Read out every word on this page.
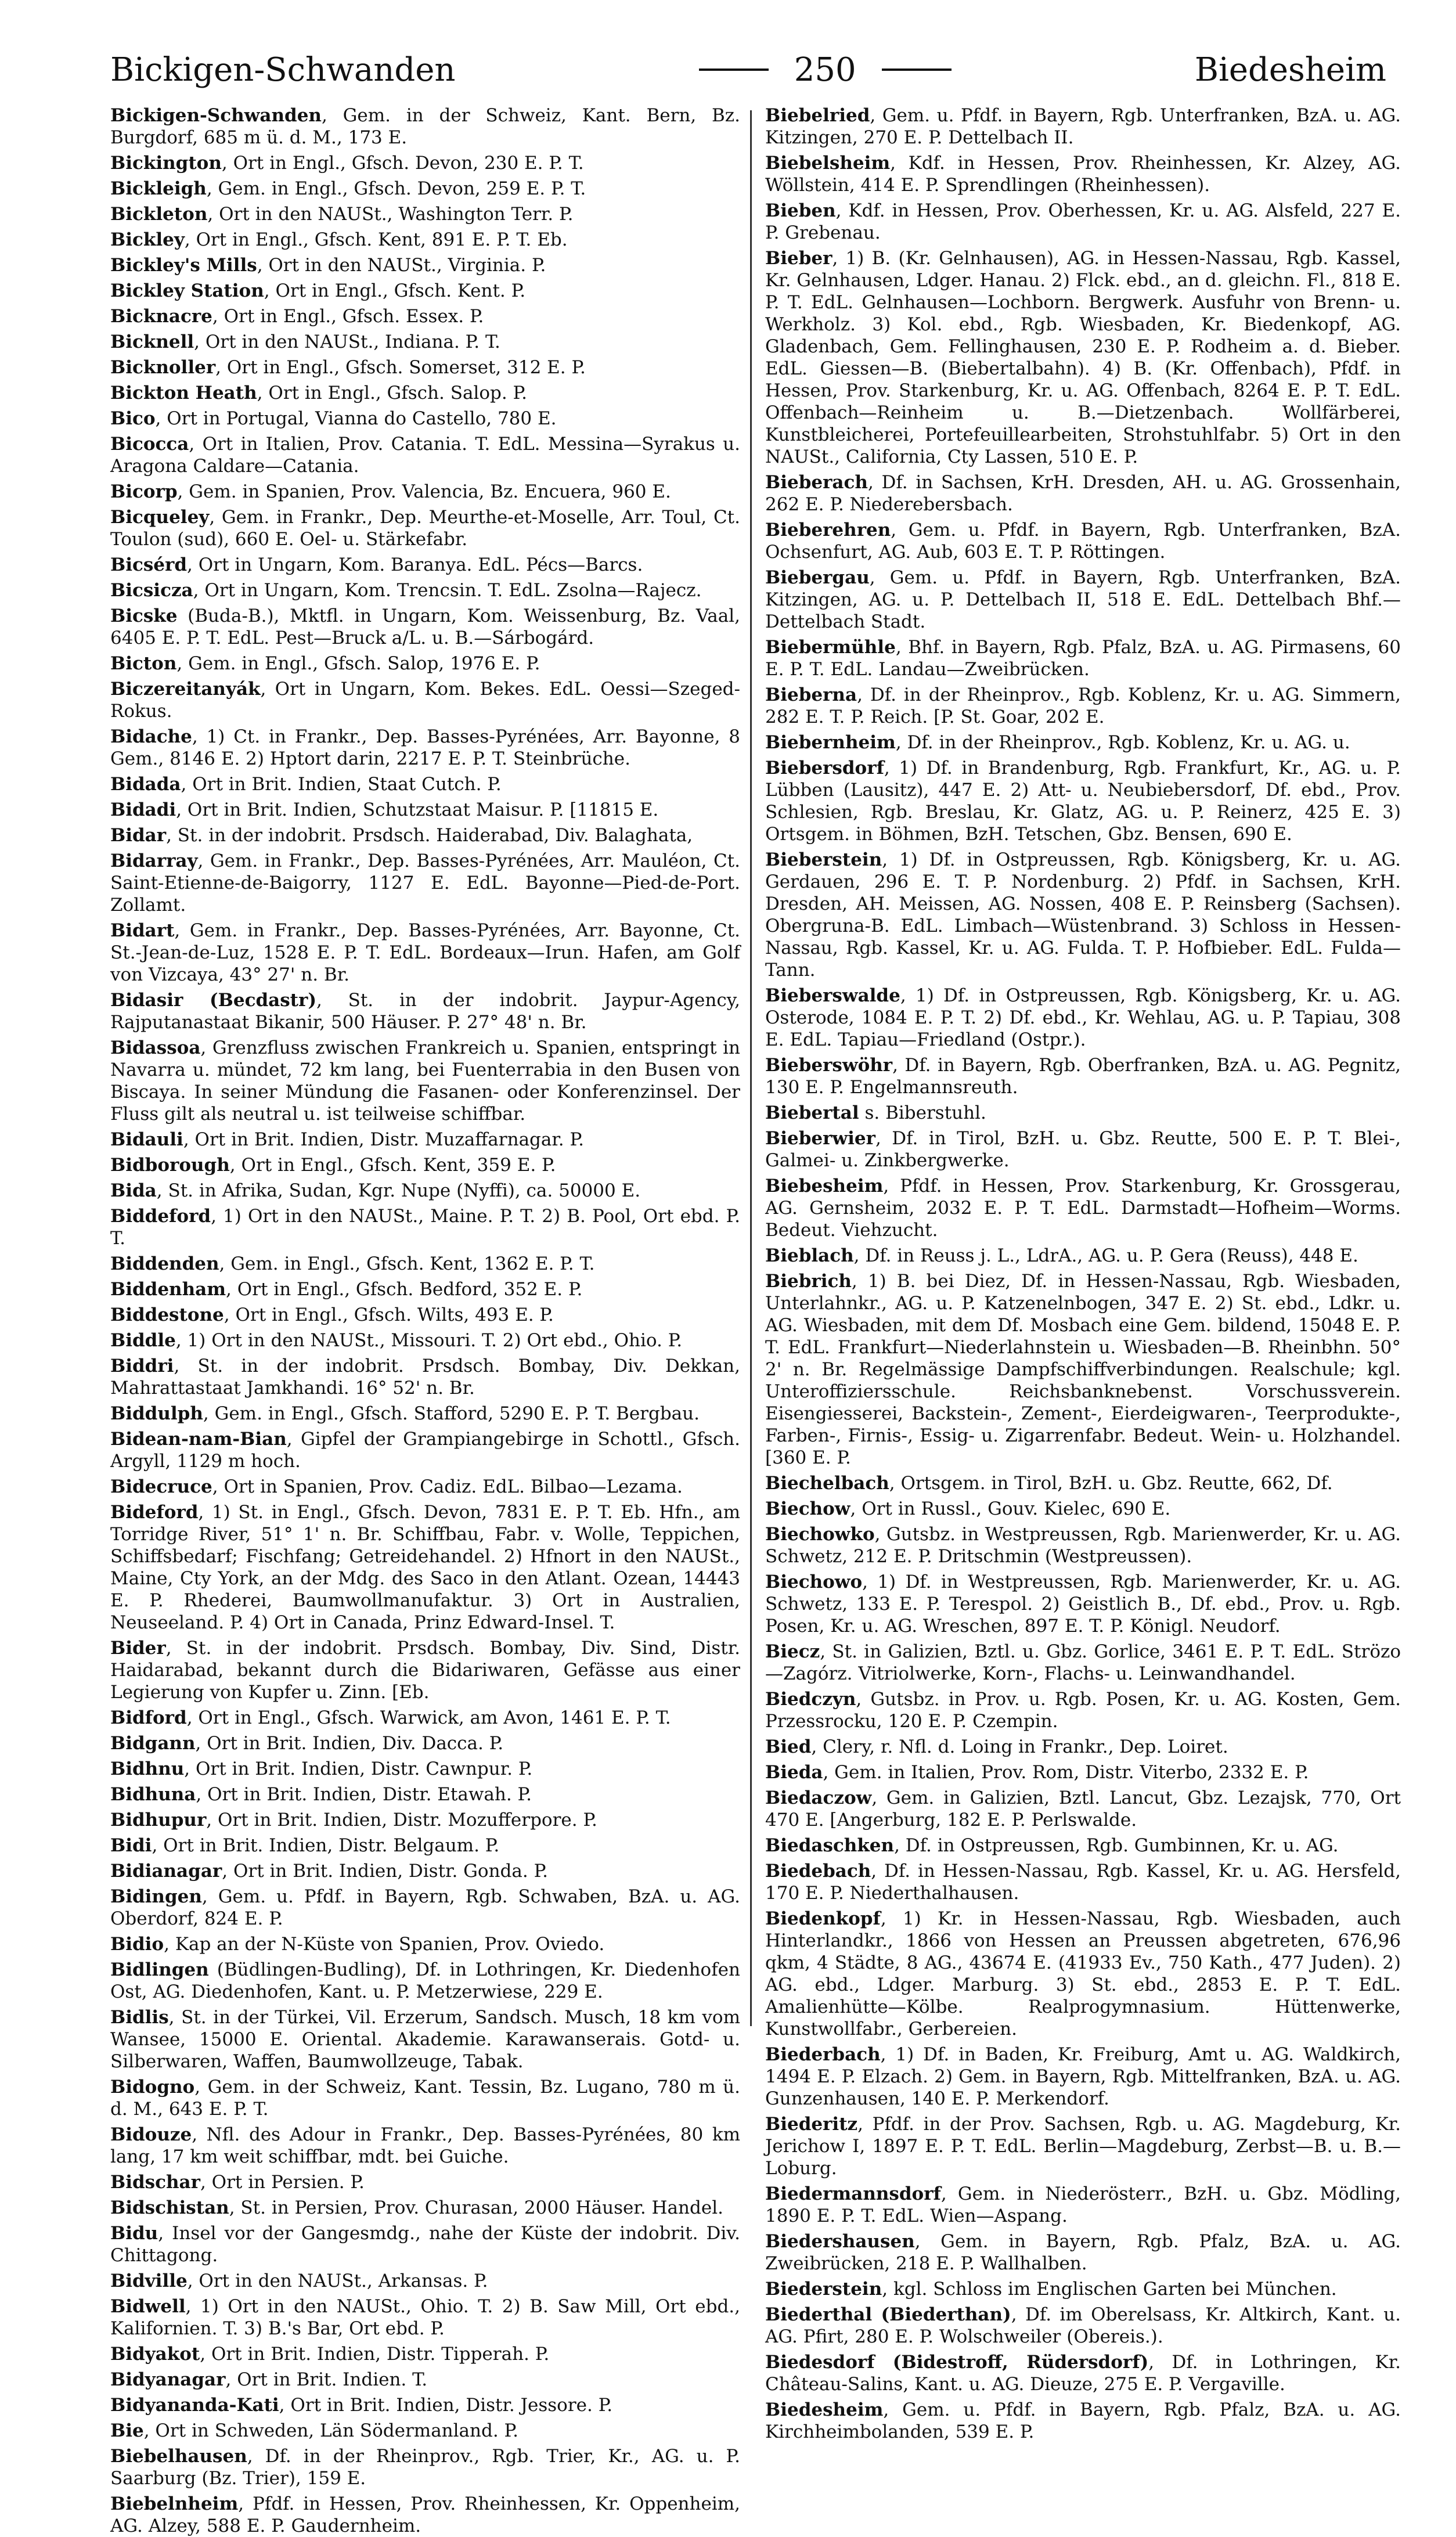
Bickigen-Schwanden	250	Biedesheim

Bickigen-Schwanden, Gem. in der Schweiz, Kant. Bern, Bz. Burgdorf, 685 m ü. d. M., 173 E.

Bickington, Ort in Engl., Gfsch. Devon, 230 E. P. T.

Bickleigh, Gem. in Engl., Gfsch. Devon, 259 E. P. T.

Bickleton, Ort in den NAUSt., Washington Terr. P.

Bickley, Ort in Engl., Gfsch. Kent, 891 E. P. T. Eb.

Bickley's Mills, Ort in den NAUSt., Virginia. P.

Bickley Station, Ort in Engl., Gfsch. Kent. P.

Bicknacre, Ort in Engl., Gfsch. Essex. P.

Bicknell, Ort in den NAUSt., Indiana. P. T.

Bicknoller, Ort in Engl., Gfsch. Somerset, 312 E. P.

Bickton Heath, Ort in Engl., Gfsch. Salop. P.

Bico, Ort in Portugal, Vianna do Castello, 780 E.

Bicocca, Ort in Italien, Prov. Catania. T. EdL. Messina—Syrakus u. Aragona Caldare—Catania.

Bicorp, Gem. in Spanien, Prov. Valencia, Bz. Encuera, 960 E.

Bicqueley, Gem. in Frankr., Dep. Meurthe-et-Moselle, Arr. Toul, Ct. Toulon (sud), 660 E. Oel- u. Stärkefabr.

Bicsérd, Ort in Ungarn, Kom. Baranya. EdL. Pécs—Barcs.

Bicsicza, Ort in Ungarn, Kom. Trencsin. T. EdL. Zsolna—Rajecz.

Bicske (Buda-B.), Mktfl. in Ungarn, Kom. Weissenburg, Bz. Vaal, 6405 E. P. T. EdL. Pest—Bruck a/L. u. B.—Sárbogárd.

Bicton, Gem. in Engl., Gfsch. Salop, 1976 E. P.

Biczereitanyák, Ort in Ungarn, Kom. Bekes. EdL. Oessi—Szeged-Rokus.

Bidache, 1) Ct. in Frankr., Dep. Basses-Pyrénées, Arr. Bayonne, 8 Gem., 8146 E. 2) Hptort darin, 2217 E. P. T. Steinbrüche.

Bidada, Ort in Brit. Indien, Staat Cutch. P.

Bidadi, Ort in Brit. Indien, Schutzstaat Maisur. P. [11815 E.

Bidar, St. in der indobrit. Prsdsch. Haiderabad, Div. Balaghata,

Bidarray, Gem. in Frankr., Dep. Basses-Pyrénées, Arr. Mauléon, Ct. Saint-Etienne-de-Baigorry, 1127 E. EdL. Bayonne—Pied-de-Port. Zollamt.

Bidart, Gem. in Frankr., Dep. Basses-Pyrénées, Arr. Bayonne, Ct. St.-Jean-de-Luz, 1528 E. P. T. EdL. Bordeaux—Irun. Hafen, am Golf von Vizcaya, 43° 27' n. Br.

Bidasir (Becdastr), St. in der indobrit. Jaypur-Agency, Rajputanastaat Bikanir, 500 Häuser. P. 27° 48' n. Br.

Bidassoa, Grenzfluss zwischen Frankreich u. Spanien, entspringt in Navarra u. mündet, 72 km lang, bei Fuenterrabia in den Busen von Biscaya. In seiner Mündung die Fasanen- oder Konferenzinsel. Der Fluss gilt als neutral u. ist teilweise schiffbar.

Bidauli, Ort in Brit. Indien, Distr. Muzaffarnagar. P.

Bidborough, Ort in Engl., Gfsch. Kent, 359 E. P.

Bida, St. in Afrika, Sudan, Kgr. Nupe (Nyffi), ca. 50000 E.

Biddeford, 1) Ort in den NAUSt., Maine. P. T. 2) B. Pool, Ort ebd. P. T.

Biddenden, Gem. in Engl., Gfsch. Kent, 1362 E. P. T.

Biddenham, Ort in Engl., Gfsch. Bedford, 352 E. P.

Biddestone, Ort in Engl., Gfsch. Wilts, 493 E. P.

Biddle, 1) Ort in den NAUSt., Missouri. T. 2) Ort ebd., Ohio. P.

Biddri, St. in der indobrit. Prsdsch. Bombay, Div. Dekkan, Mahrattastaat Jamkhandi. 16° 52' n. Br.

Biddulph, Gem. in Engl., Gfsch. Stafford, 5290 E. P. T. Bergbau.

Bidean-nam-Bian, Gipfel der Grampiangebirge in Schottl., Gfsch. Argyll, 1129 m hoch.

Bidecruce, Ort in Spanien, Prov. Cadiz. EdL. Bilbao—Lezama.

Bideford, 1) St. in Engl., Gfsch. Devon, 7831 E. P. T. Eb. Hfn., am Torridge River, 51° 1' n. Br. Schiffbau, Fabr. v. Wolle, Teppichen, Schiffsbedarf; Fischfang; Getreidehandel. 2) Hfnort in den NAUSt., Maine, Cty York, an der Mdg. des Saco in den Atlant. Ozean, 14443 E. P. Rhederei, Baumwollmanufaktur. 3) Ort in Australien, Neuseeland. P. 4) Ort in Canada, Prinz Edward-Insel. T.

Bider, St. in der indobrit. Prsdsch. Bombay, Div. Sind, Distr. Haidarabad, bekannt durch die Bidariwaren, Gefässe aus einer Legierung von Kupfer u. Zinn. [Eb.

Bidford, Ort in Engl., Gfsch. Warwick, am Avon, 1461 E. P. T.

Bidgann, Ort in Brit. Indien, Div. Dacca. P.

Bidhnu, Ort in Brit. Indien, Distr. Cawnpur. P.

Bidhuna, Ort in Brit. Indien, Distr. Etawah. P.

Bidhupur, Ort in Brit. Indien, Distr. Mozufferpore. P.

Bidi, Ort in Brit. Indien, Distr. Belgaum. P.

Bidianagar, Ort in Brit. Indien, Distr. Gonda. P.

Bidingen, Gem. u. Pfdf. in Bayern, Rgb. Schwaben, BzA. u. AG. Oberdorf, 824 E. P.

Bidio, Kap an der N-Küste von Spanien, Prov. Oviedo.

Bidlingen (Büdlingen-Budling), Df. in Lothringen, Kr. Diedenhofen Ost, AG. Diedenhofen, Kant. u. P. Metzerwiese, 229 E.

Bidlis, St. in der Türkei, Vil. Erzerum, Sandsch. Musch, 18 km vom Wansee, 15000 E. Oriental. Akademie. Karawanserais. Gotd- u. Silberwaren, Waffen, Baumwollzeuge, Tabak.

Bidogno, Gem. in der Schweiz, Kant. Tessin, Bz. Lugano, 780 m ü. d. M., 643 E. P. T.

Bidouze, Nfl. des Adour in Frankr., Dep. Basses-Pyrénées, 80 km lang, 17 km weit schiffbar, mdt. bei Guiche.

Bidschar, Ort in Persien. P.

Bidschistan, St. in Persien, Prov. Churasan, 2000 Häuser. Handel.

Bidu, Insel vor der Gangesmdg., nahe der Küste der indobrit. Div. Chittagong.

Bidville, Ort in den NAUSt., Arkansas. P.

Bidwell, 1) Ort in den NAUSt., Ohio. T. 2) B. Saw Mill, Ort ebd., Kalifornien. T. 3) B.'s Bar, Ort ebd. P.

Bidyakot, Ort in Brit. Indien, Distr. Tipperah. P.

Bidyanagar, Ort in Brit. Indien. T.

Bidyananda-Kati, Ort in Brit. Indien, Distr. Jessore. P.

Bie, Ort in Schweden, Län Södermanland. P.

Biebelhausen, Df. in der Rheinprov., Rgb. Trier, Kr., AG. u. P. Saarburg (Bz. Trier), 159 E.

Biebelnheim, Pfdf. in Hessen, Prov. Rheinhessen, Kr. Oppenheim, AG. Alzey, 588 E. P. Gaudernheim.

Biebelried, Gem. u. Pfdf. in Bayern, Rgb. Unterfranken, BzA. u. AG. Kitzingen, 270 E. P. Dettelbach II.

Biebelsheim, Kdf. in Hessen, Prov. Rheinhessen, Kr. Alzey, AG. Wöllstein, 414 E. P. Sprendlingen (Rheinhessen).

Bieben, Kdf. in Hessen, Prov. Oberhessen, Kr. u. AG. Alsfeld, 227 E. P. Grebenau.

Bieber, 1) B. (Kr. Gelnhausen), AG. in Hessen-Nassau, Rgb. Kassel, Kr. Gelnhausen, Ldger. Hanau. 2) Flck. ebd., an d. gleichn. Fl., 818 E. P. T. EdL. Gelnhausen—Lochborn. Bergwerk. Ausfuhr von Brenn- u. Werkholz. 3) Kol. ebd., Rgb. Wiesbaden, Kr. Biedenkopf, AG. Gladenbach, Gem. Fellinghausen, 230 E. P. Rodheim a. d. Bieber. EdL. Giessen—B. (Biebertalbahn). 4) B. (Kr. Offenbach), Pfdf. in Hessen, Prov. Starkenburg, Kr. u. AG. Offenbach, 8264 E. P. T. EdL. Offenbach—Reinheim u. B.—Dietzenbach. Wollfärberei, Kunstbleicherei, Portefeuillearbeiten, Strohstuhlfabr. 5) Ort in den NAUSt., California, Cty Lassen, 510 E. P.

Bieberach, Df. in Sachsen, KrH. Dresden, AH. u. AG. Grossenhain, 262 E. P. Niederebersbach.

Bieberehren, Gem. u. Pfdf. in Bayern, Rgb. Unterfranken, BzA. Ochsenfurt, AG. Aub, 603 E. T. P. Röttingen.

Biebergau, Gem. u. Pfdf. in Bayern, Rgb. Unterfranken, BzA. Kitzingen, AG. u. P. Dettelbach II, 518 E. EdL. Dettelbach Bhf.—Dettelbach Stadt.

Biebermühle, Bhf. in Bayern, Rgb. Pfalz, BzA. u. AG. Pirmasens, 60 E. P. T. EdL. Landau—Zweibrücken.

Bieberna, Df. in der Rheinprov., Rgb. Koblenz, Kr. u. AG. Simmern, 282 E. T. P. Reich. [P. St. Goar, 202 E.

Biebernheim, Df. in der Rheinprov., Rgb. Koblenz, Kr. u. AG. u.

Biebersdorf, 1) Df. in Brandenburg, Rgb. Frankfurt, Kr., AG. u. P. Lübben (Lausitz), 447 E. 2) Att- u. Neubiebersdorf, Df. ebd., Prov. Schlesien, Rgb. Breslau, Kr. Glatz, AG. u. P. Reinerz, 425 E. 3) Ortsgem. in Böhmen, BzH. Tetschen, Gbz. Bensen, 690 E.

Bieberstein, 1) Df. in Ostpreussen, Rgb. Königsberg, Kr. u. AG. Gerdauen, 296 E. T. P. Nordenburg. 2) Pfdf. in Sachsen, KrH. Dresden, AH. Meissen, AG. Nossen, 408 E. P. Reinsberg (Sachsen). Obergruna-B. EdL. Limbach—Wüstenbrand. 3) Schloss in Hessen-Nassau, Rgb. Kassel, Kr. u. AG. Fulda. T. P. Hofbieber. EdL. Fulda—Tann.

Bieberswalde, 1) Df. in Ostpreussen, Rgb. Königsberg, Kr. u. AG. Osterode, 1084 E. P. T. 2) Df. ebd., Kr. Wehlau, AG. u. P. Tapiau, 308 E. EdL. Tapiau—Friedland (Ostpr.).

Bieberswöhr, Df. in Bayern, Rgb. Oberfranken, BzA. u. AG. Pegnitz, 130 E. P. Engelmannsreuth.

Biebertal s. Biberstuhl.

Bieberwier, Df. in Tirol, BzH. u. Gbz. Reutte, 500 E. P. T. Blei-, Galmei- u. Zinkbergwerke.

Biebesheim, Pfdf. in Hessen, Prov. Starkenburg, Kr. Grossgerau, AG. Gernsheim, 2032 E. P. T. EdL. Darmstadt—Hofheim—Worms. Bedeut. Viehzucht.

Bieblach, Df. in Reuss j. L., LdrA., AG. u. P. Gera (Reuss), 448 E.

Biebrich, 1) B. bei Diez, Df. in Hessen-Nassau, Rgb. Wiesbaden, Unterlahnkr., AG. u. P. Katzenelnbogen, 347 E. 2) St. ebd., Ldkr. u. AG. Wiesbaden, mit dem Df. Mosbach eine Gem. bildend, 15048 E. P. T. EdL. Frankfurt—Niederlahnstein u. Wiesbaden—B. Rheinbhn. 50° 2' n. Br. Regelmässige Dampfschiffverbindungen. Realschule; kgl. Unteroffiziersschule. Reichsbanknebenst. Vorschussverein. Eisengiesserei, Backstein-, Zement-, Eierdeigwaren-, Teerprodukte-, Farben-, Firnis-, Essig- u. Zigarrenfabr. Bedeut. Wein- u. Holzhandel. [360 E. P.

Biechelbach, Ortsgem. in Tirol, BzH. u. Gbz. Reutte, 662, Df.

Biechow, Ort in Russl., Gouv. Kielec, 690 E.

Biechowko, Gutsbz. in Westpreussen, Rgb. Marienwerder, Kr. u. AG. Schwetz, 212 E. P. Dritschmin (Westpreussen).

Biechowo, 1) Df. in Westpreussen, Rgb. Marienwerder, Kr. u. AG. Schwetz, 133 E. P. Terespol. 2) Geistlich B., Df. ebd., Prov. u. Rgb. Posen, Kr. u. AG. Wreschen, 897 E. T. P. Königl. Neudorf.

Biecz, St. in Galizien, Bztl. u. Gbz. Gorlice, 3461 E. P. T. EdL. Strözo—Zagórz. Vitriolwerke, Korn-, Flachs- u. Leinwandhandel.

Biedczyn, Gutsbz. in Prov. u. Rgb. Posen, Kr. u. AG. Kosten, Gem. Przessrocku, 120 E. P. Czempin.

Bied, Clery, r. Nfl. d. Loing in Frankr., Dep. Loiret.

Bieda, Gem. in Italien, Prov. Rom, Distr. Viterbo, 2332 E. P.

Biedaczow, Gem. in Galizien, Bztl. Lancut, Gbz. Lezajsk, 770, Ort 470 E. [Angerburg, 182 E. P. Perlswalde.

Biedaschken, Df. in Ostpreussen, Rgb. Gumbinnen, Kr. u. AG.

Biedebach, Df. in Hessen-Nassau, Rgb. Kassel, Kr. u. AG. Hersfeld, 170 E. P. Niederthalhausen.

Biedenkopf, 1) Kr. in Hessen-Nassau, Rgb. Wiesbaden, auch Hinterlandkr., 1866 von Hessen an Preussen abgetreten, 676,96 qkm, 4 Städte, 8 AG., 43674 E. (41933 Ev., 750 Kath., 477 Juden). 2) AG. ebd., Ldger. Marburg. 3) St. ebd., 2853 E. P. T. EdL. Amalienhütte—Kölbe. Realprogymnasium. Hüttenwerke, Kunstwollfabr., Gerbereien.

Biederbach, 1) Df. in Baden, Kr. Freiburg, Amt u. AG. Waldkirch, 1494 E. P. Elzach. 2) Gem. in Bayern, Rgb. Mittelfranken, BzA. u. AG. Gunzenhausen, 140 E. P. Merkendorf.

Biederitz, Pfdf. in der Prov. Sachsen, Rgb. u. AG. Magdeburg, Kr. Jerichow I, 1897 E. P. T. EdL. Berlin—Magdeburg, Zerbst—B. u. B.—Loburg.

Biedermannsdorf, Gem. in Niederösterr., BzH. u. Gbz. Mödling, 1890 E. P. T. EdL. Wien—Aspang.

Biedershausen, Gem. in Bayern, Rgb. Pfalz, BzA. u. AG. Zweibrücken, 218 E. P. Wallhalben.

Biederstein, kgl. Schloss im Englischen Garten bei München.

Biederthal (Biederthan), Df. im Oberelsass, Kr. Altkirch, Kant. u. AG. Pfirt, 280 E. P. Wolschweiler (Obereis.).

Biedesdorf (Bidestroff, Rüdersdorf), Df. in Lothringen, Kr. Château-Salins, Kant. u. AG. Dieuze, 275 E. P. Vergaville.

Biedesheim, Gem. u. Pfdf. in Bayern, Rgb. Pfalz, BzA. u. AG. Kirchheimbolanden, 539 E. P.
